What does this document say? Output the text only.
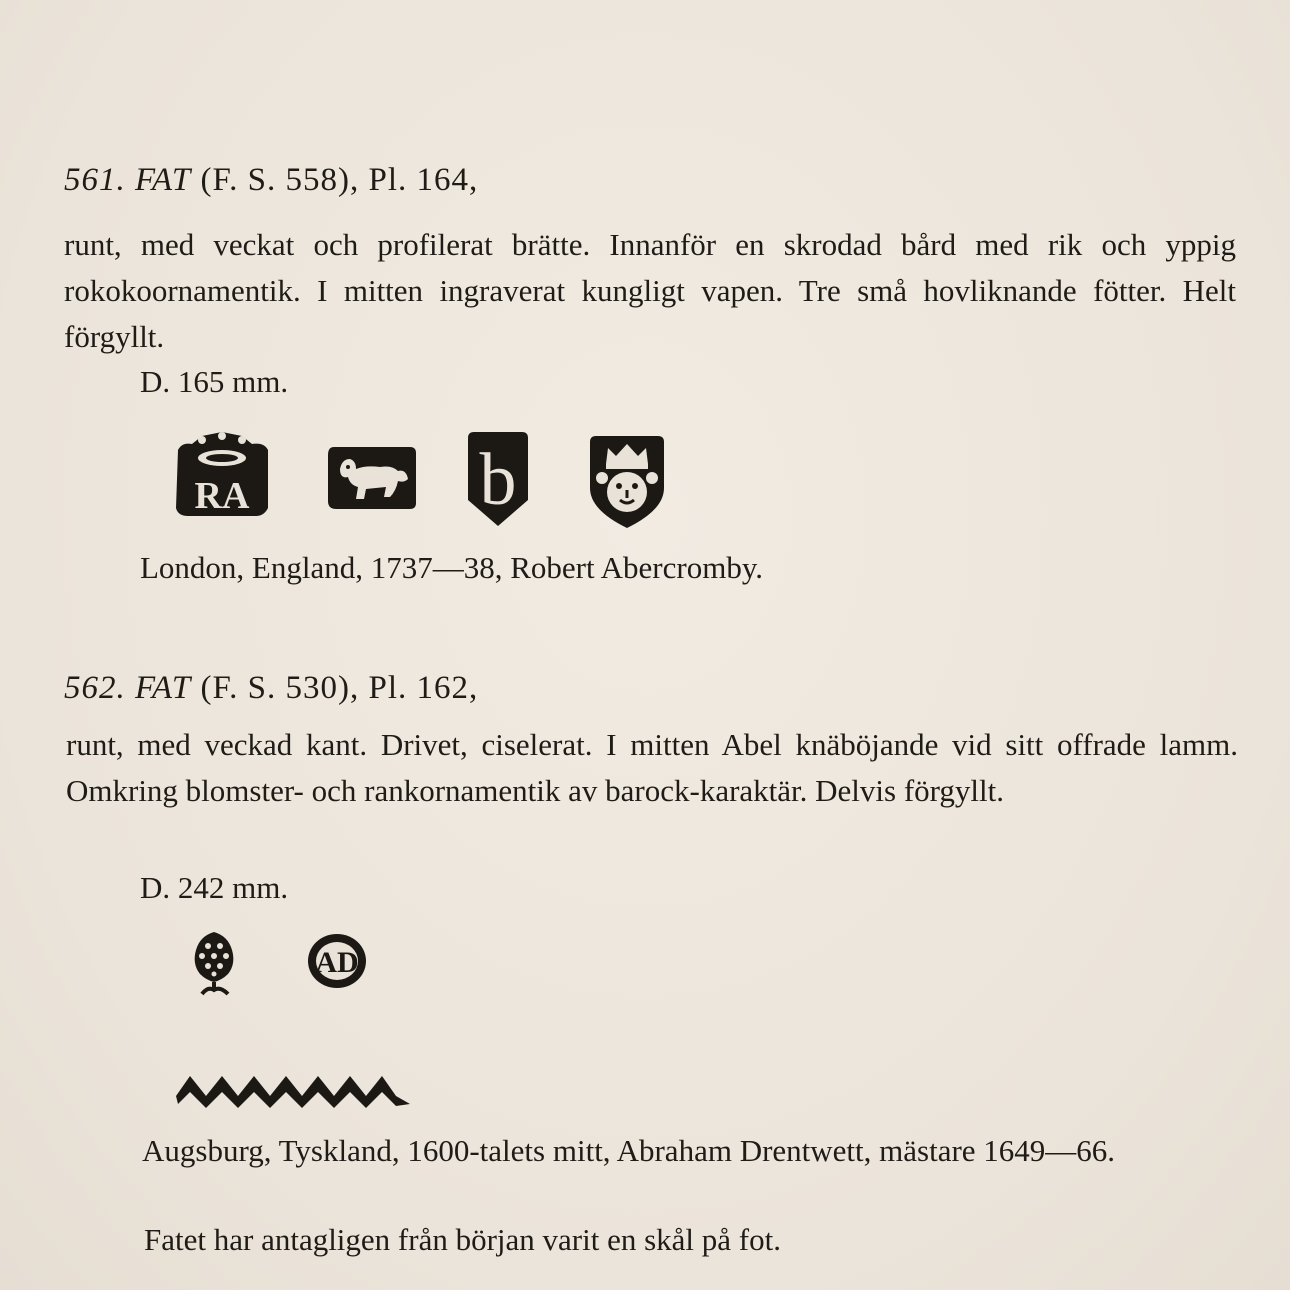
561. FAT (F. S. 558), Pl. 164,
runt, med veckat och profilerat brätte. Innanför en skrodad bård med rik och yppig rokokoornamentik. I mitten ingraverat kungligt vapen. Tre små hovliknande fötter. Helt förgyllt.
D. 165 mm.
RA	b
London, England, 1737—38, Robert Abercromby.
562. FAT (F. S. 530), Pl. 162,
runt, med veckad kant. Drivet, ciselerat. I mitten Abel knäböjande vid sitt offrade lamm. Omkring blomster- och rankornamentik av barock-karaktär. Delvis förgyllt.
D. 242 mm.
AD
Augsburg, Tyskland, 1600-talets mitt, Abraham Drentwett, mästare 1649—66.
Fatet har antagligen från början varit en skål på fot.
